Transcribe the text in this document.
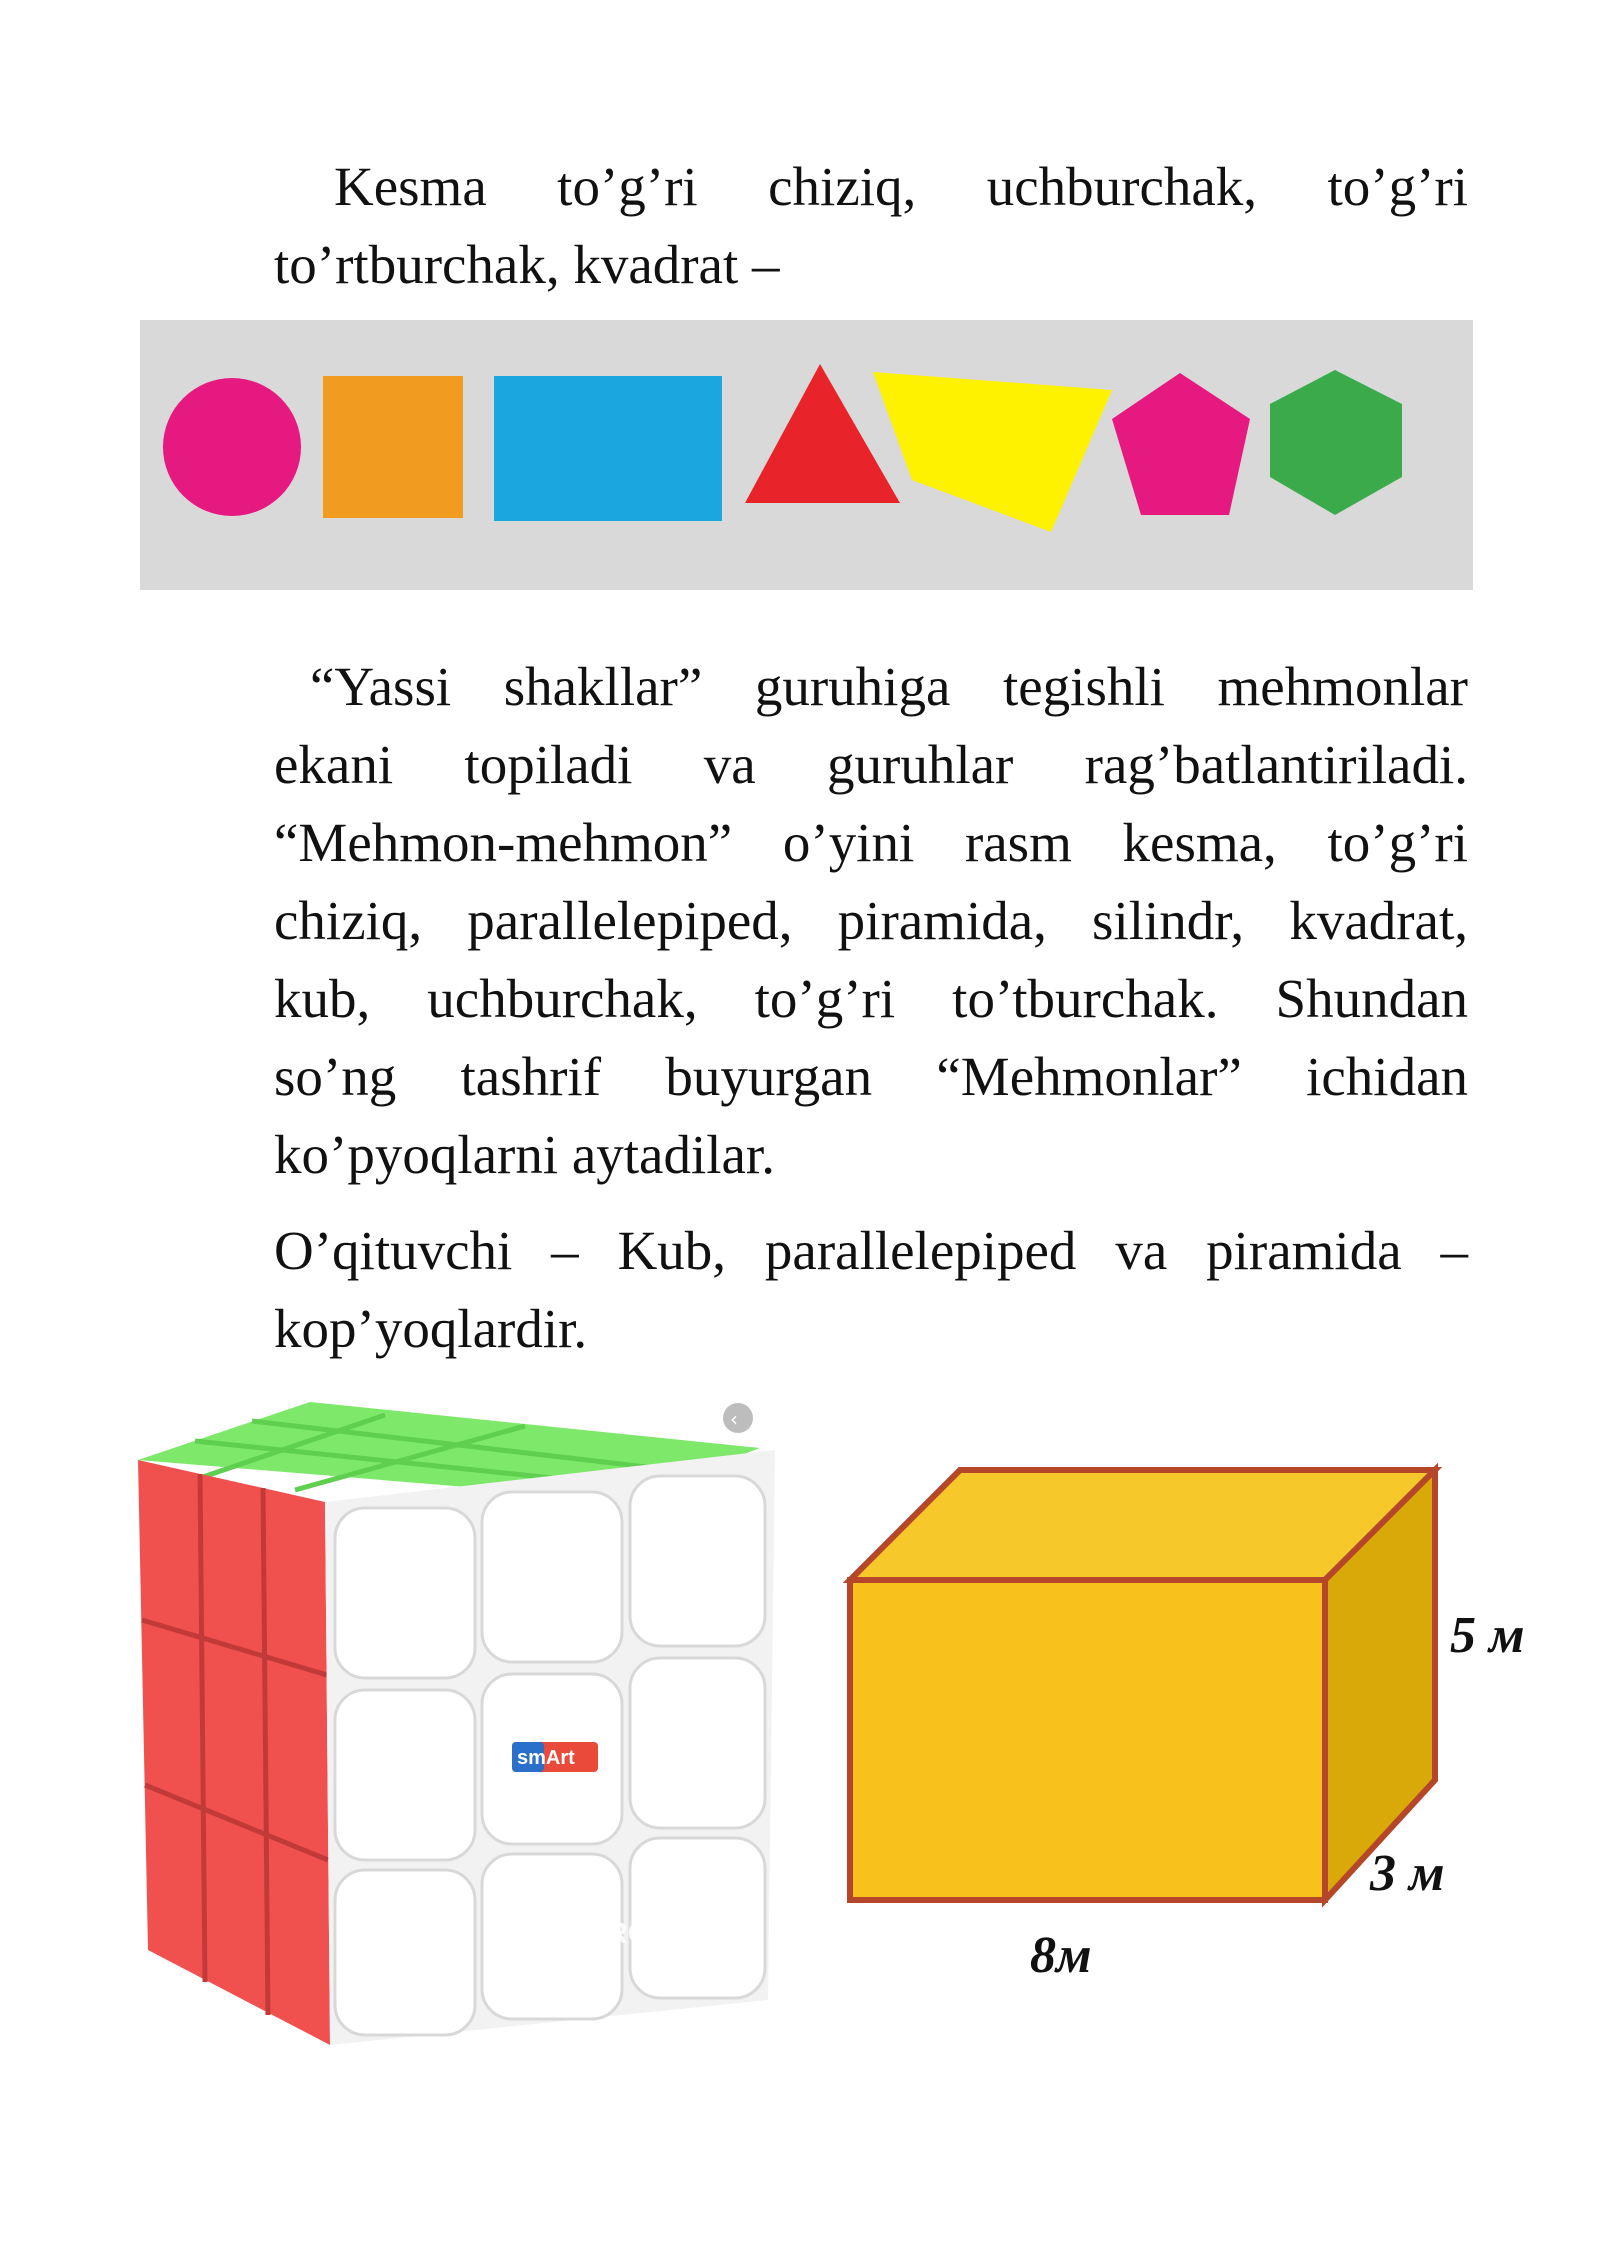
Kesma to’g’ri chiziq, uchburchak, to’g’ri
to’rtburchak, kvadrat –
“Yassi shakllar” guruhiga tegishli mehmonlar
ekani topiladi va guruhlar rag’batlantiriladi.
“Mehmon-mehmon” o’yini rasm kesma, to’g’ri
chiziq, parallelepiped, piramida, silindr, kvadrat,
kub, uchburchak, to’g’ri to’tburchak. Shundan
so’ng tashrif buyurgan “Mehmonlar” ichidan
ko’pyoqlarni aytadilar.
O’qituvchi – Kub, parallelepiped va piramida –
kop’yoqlardir.
smArt
ROZETKA
‹
5 м
3 м
8м
